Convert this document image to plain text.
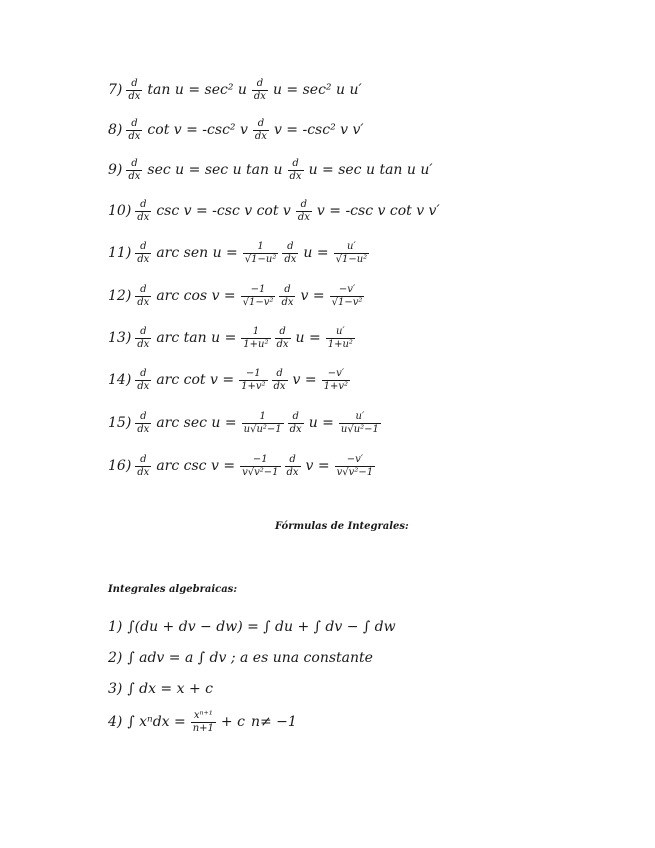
$7) \frac{d}{dx}$ tan u = sec² u $\frac{d}{dx}$ u = sec² u u′
$8) \frac{d}{dx}$ cot v = -csc² v $\frac{d}{dx}$ v = -csc² v v′
$9) \frac{d}{dx}$ sec u = sec u tan u $\frac{d}{dx}$ u = sec u tan u u′
$10) \frac{d}{dx}$ csc v = -csc v cot v $\frac{d}{dx}$ v = -csc v cot v v′
$11) \frac{d}{dx}$ arc sen $u = \frac{1}{\text{√1−u²}} \frac{d}{dx}$ $u = \frac{u'}{\text{√1−u²}}$
$12) \frac{d}{dx}$ arc $\cos v = \frac{-1}{\text{√1−v²}} \frac{d}{dx}$ $v = \frac{-v'}{\text{√1−v²}}$
$13) \frac{d}{dx}$ arc $\tan u = \frac{1}{\text{1+u²}} \frac{d}{dx}$ $u = \frac{u'}{\text{1+u²}}$
$14) \frac{d}{dx}$ arc $\cot v = \frac{-1}{\text{1+v²}} \frac{d}{dx}$ $v = \frac{-v'}{\text{1+v²}}$
$15) \frac{d}{dx}$ arc $\sec u = \frac{1}{\text{u√u²−1}} \frac{d}{dx}$ $u = \frac{u'}{\text{u√u²−1}}$
$16) \frac{d}{dx}$ arc $\csc v = \frac{-1}{\text{v√v²−1}} \frac{d}{dx}$ $v = \frac{-v'}{\text{v√v²−1}}$
Fórmulas de Integrales:
Integrales algebraicas:
1) ∫(du + dv − dw) = ∫ du + ∫ dv − ∫ dw
2) ∫ adv = a ∫ dv ; a es una constante
3) ∫ dx = x + c
4) ∫ $x^ndx = \frac{\text{xⁿ⁺¹}}{n+1} + c$ n≠ −1
